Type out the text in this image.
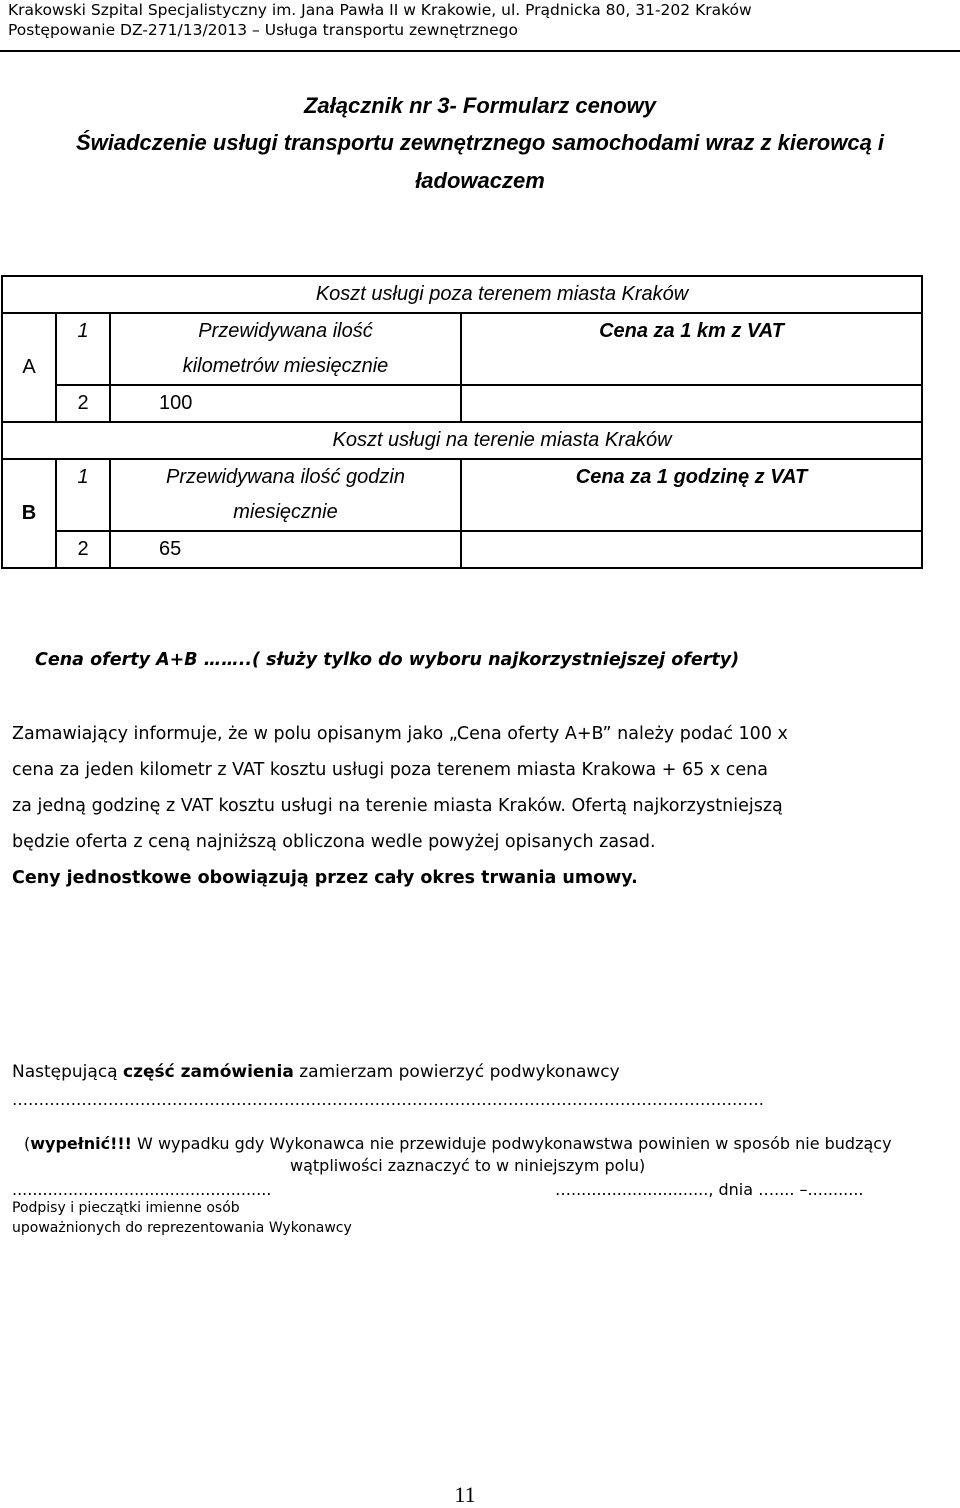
Krakowski Szpital Specjalistyczny im. Jana Pawła II w Krakowie, ul. Prądnicka 80, 31-202 Kraków
Postępowanie DZ-271/13/2013 – Usługa transportu zewnętrznego
Załącznik nr 3- Formularz cenowy
Świadczenie usługi transportu zewnętrznego samochodami wraz z kierowcą i
ładowaczem
Koszt usługi poza terenem miasta Kraków			
A	1	Przewidywana ilość	Cena za 1 km z VAT
		kilometrów miesięcznie	
	2	100	
Koszt usługi na terenie miasta Kraków			
B	1	Przewidywana ilość godzin	Cena za 1 godzinę z VAT
		miesięcznie	
	2	65	
Cena oferty A+B ……..( służy tylko do wyboru najkorzystniejszej oferty)
Zamawiający informuje, że w polu opisanym jako „Cena oferty A+B” należy podać 100 x
cena za jeden kilometr z VAT kosztu usługi poza terenem miasta Krakowa + 65 x cena
za jedną godzinę z VAT kosztu usługi na terenie miasta Kraków. Ofertą najkorzystniejszą
będzie oferta z ceną najniższą obliczona wedle powyżej opisanych zasad.
Ceny jednostkowe obowiązują przez cały okres trwania umowy.
Następującą część zamówienia zamierzam powierzyć podwykonawcy
……………………………………………………………………………………………………………………………
(wypełnić!!! W wypadku gdy Wykonawca nie przewiduje podwykonawstwa powinien w sposób nie budzący
wątpliwości zaznaczyć to w niniejszym polu)
...................................................	…..........................., dnia ….... –...........
Podpisy i pieczątki imienne osób
upoważnionych do reprezentowania Wykonawcy
11
